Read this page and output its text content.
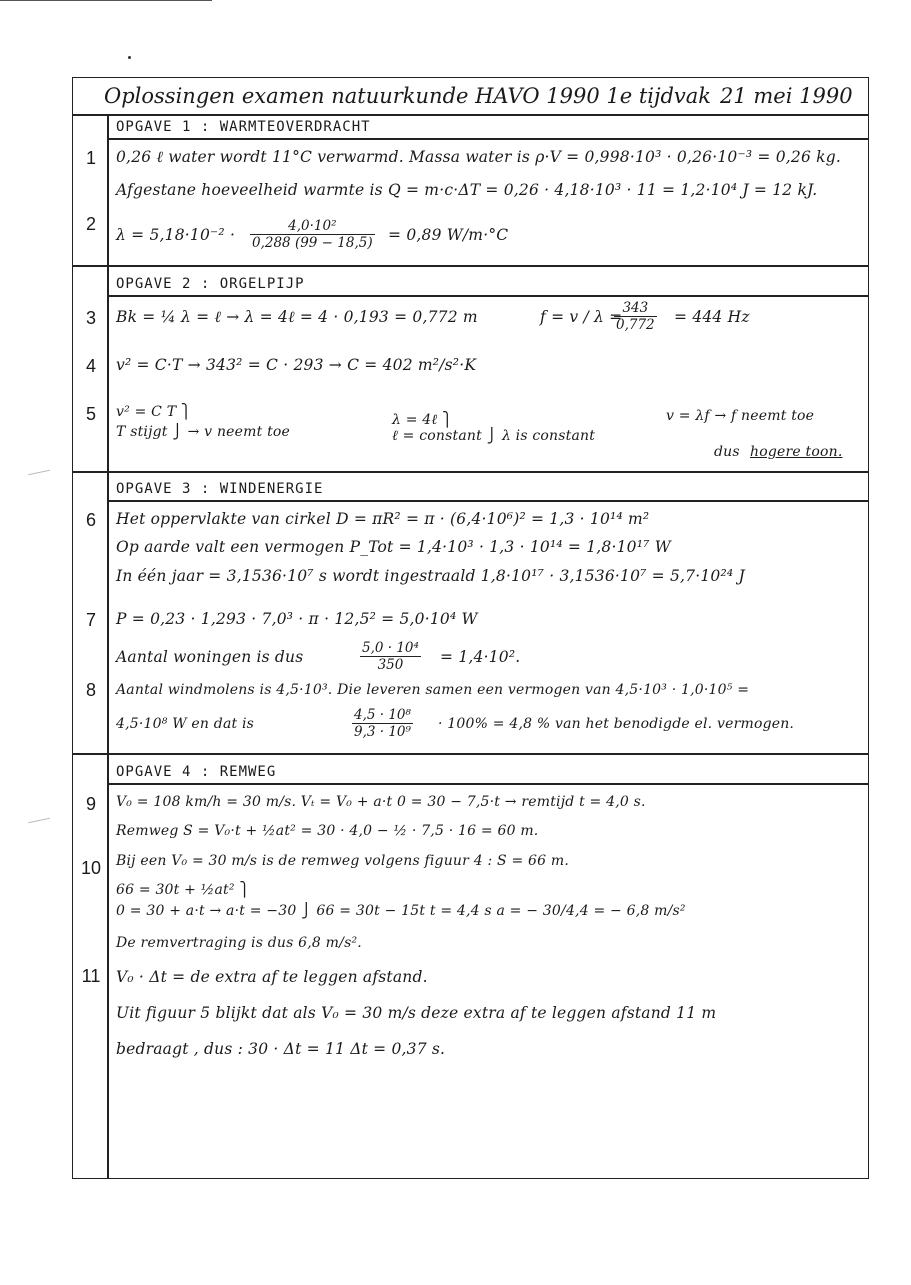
Oplossingen examen natuurkunde HAVO 1990 1e tijdvak 21 mei 1990
OPGAVE 1 : WARMTEOVERDRACHT
1	0,26 ℓ water wordt 11°C verwarmd. Massa water is ρ·V = 0,998·10³ · 0,26·10⁻³ = 0,26 kg.
Afgestane hoeveelheid warmte is Q = m·c·ΔT = 0,26 · 4,18·10³ · 11 = 1,2·10⁴ J = 12 kJ.
2
$\lambda = 5,18\cdot 10^{-2} \cdot \frac{\text{4,0·10²}}{0,288 (99 - 18,5)} = 0,89$ W/m·°C
OPGAVE 2 : ORGELPIJP
3	Bk = ¼ λ = ℓ → λ = 4ℓ = 4 · 0,193 = 0,772 m	f = v / λ =
$\frac{343}{0,772} = 444$ Hz
4	v² = C·T → 343² = C · 293 → C = 402 m²/s²·K
5	v² = C T ⎫
T stijgt ⎭ → v neemt toe
λ = 4ℓ ⎫
ℓ = constant ⎭ λ is constant
v = λf → f neemt toe
dus hogere toon.
OPGAVE 3 : WINDENERGIE
6	Het oppervlakte van cirkel D = πR² = π · (6,4·10⁶)² = 1,3 · 10¹⁴ m²
Op aarde valt een vermogen P_Tot = 1,4·10³ · 1,3 · 10¹⁴ = 1,8·10¹⁷ W
In één jaar = 3,1536·10⁷ s wordt ingestraald 1,8·10¹⁷ · 3,1536·10⁷ = 5,7·10²⁴ J
7	P = 0,23 · 1,293 · 7,0³ · π · 12,5² = 5,0·10⁴ W
Aantal woningen is dus	$\frac{\text{5,0 · 10⁴}}{350} = 1,4\cdot 10^2$.
8	Aantal windmolens is 4,5·10³. Die leveren samen een vermogen van 4,5·10³ · 1,0·10⁵ =
4,5·10⁸ W en dat is	$\frac{\text{4,5 · 10⁸}}{\text{9,3 · 10⁹}} \cdot 100\% = 4,8$ % van het benodigde el. vermogen.
OPGAVE 4 : REMWEG
9	V₀ = 108 km/h = 30 m/s. Vₜ = V₀ + a·t 0 = 30 − 7,5·t → remtijd t = 4,0 s.
Remweg S = V₀·t + ½at² = 30 · 4,0 − ½ · 7,5 · 16 = 60 m.
10	Bij een V₀ = 30 m/s is de remweg volgens figuur 4 : S = 66 m.
66 = 30t + ½at² ⎫
0 = 30 + a·t → a·t = −30 ⎭ 66 = 30t − 15t t = 4,4 s a = − 30/4,4 = − 6,8 m/s²
De remvertraging is dus 6,8 m/s².
11	V₀ · Δt = de extra af te leggen afstand.
Uit figuur 5 blijkt dat als V₀ = 30 m/s deze extra af te leggen afstand 11 m
bedraagt , dus : 30 · Δt = 11 Δt = 0,37 s.
